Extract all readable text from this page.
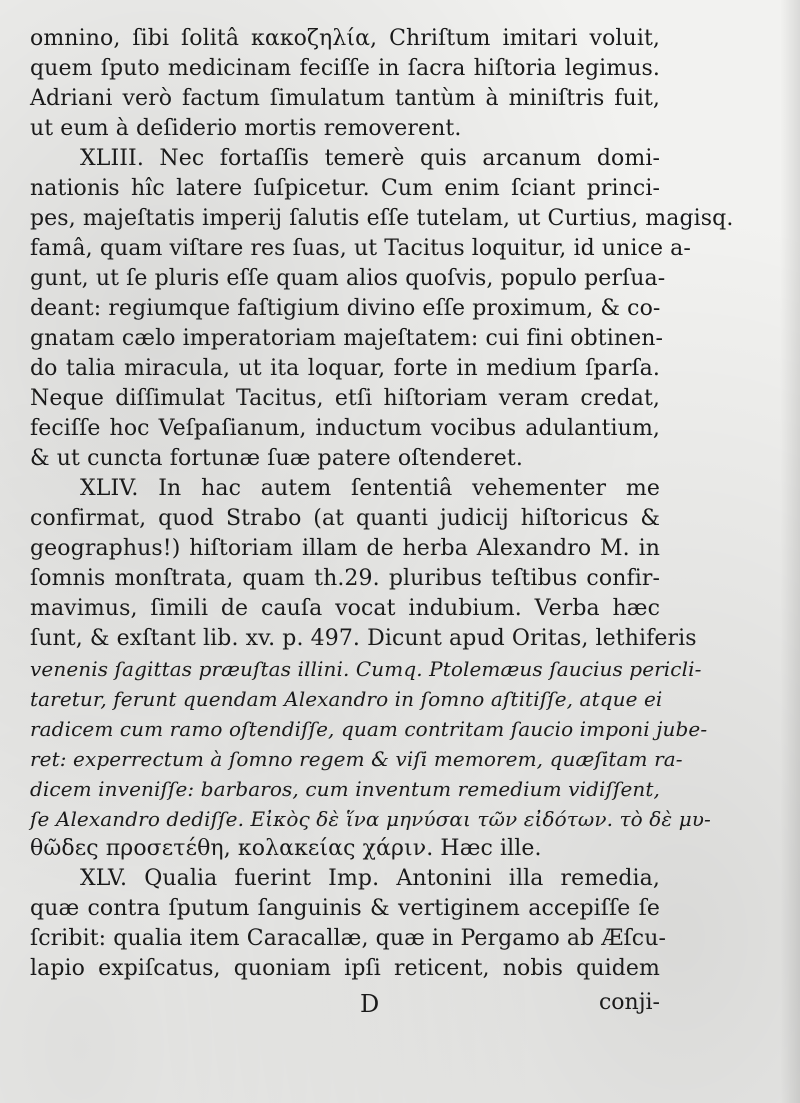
omnino, ſibi ſolitâ κακοζηλία, Chriſtum imitari voluit,
quem ſputo medicinam feciſſe in ſacra hiſtoria legimus.
Adriani verò factum ſimulatum tantùm à miniſtris fuit,
ut eum à deſiderio mortis removerent.
XLIII. Nec fortaſſis temerè quis arcanum domi-
nationis hîc latere ſuſpicetur. Cum enim ſciant princi-
pes, majeſtatis imperij ſalutis eſſe tutelam, ut Curtius, magisq.
famâ, quam viſtare res ſuas, ut Tacitus loquitur, id unice a-
gunt, ut ſe pluris eſſe quam alios quoſvis, populo perſua-
deant: regiumque faſtigium divino eſſe proximum, & co-
gnatam cælo imperatoriam majeſtatem: cui fini obtinen-
do talia miracula, ut ita loquar, forte in medium ſparſa.
Neque diſſimulat Tacitus, etſi hiſtoriam veram credat,
feciſſe hoc Veſpaſianum, inductum vocibus adulantium,
& ut cuncta fortunæ ſuæ patere oſtenderet.
XLIV. In hac autem ſententiâ vehementer me
confirmat, quod Strabo (at quanti judicij hiſtoricus &
geographus!) hiſtoriam illam de herba Alexandro M. in
ſomnis monſtrata, quam th.29. pluribus teſtibus confir-
mavimus, ſimili de cauſa vocat indubium. Verba hæc
ſunt, & exſtant lib. xv. p. 497. Dicunt apud Oritas, lethiferis
venenis ſagittas præuſtas illini. Cumq. Ptolemæus ſaucius pericli-
taretur, ferunt quendam Alexandro in ſomno aſtitiſſe, atque ei
radicem cum ramo oſtendiſſe, quam contritam ſaucio imponi jube-
ret: experrectum à ſomno regem & viſi memorem, quæſitam ra-
dicem inveniſſe: barbaros, cum inventum remedium vidiſſent,
ſe Alexandro dediſſe. Εἰκὸς δὲ ἵνα μηνύσαι τῶν εἰδότων. τὸ δὲ μυ-
θῶδες προσετέθη, κολακείας χάριν. Hæc ille.
XLV. Qualia fuerint Imp. Antonini illa remedia,
quæ contra ſputum ſanguinis & vertiginem accepiſſe ſe
ſcribit: qualia item Caracallæ, quæ in Pergamo ab Æſcu-
lapio expiſcatus, quoniam ipſi reticent, nobis quidem
D	conji-
